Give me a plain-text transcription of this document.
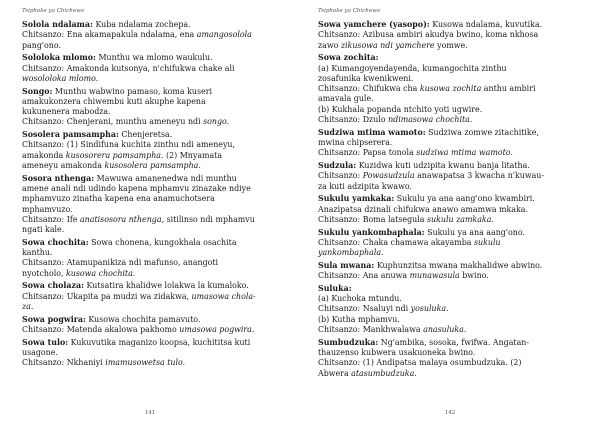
Tsiphoke ya Chichewa
Solola ndalama: Kuba ndalama zochepa.
Chitsanzo: Ena akamapakula ndalama, ena amangosolola
pang'ono.
Sololoka mlomo: Munthu wa mlomo waukulu.
Chitsanzo: Amakonda kutsonya, n'chifukwa chake ali
wosololoka mlomo.
Songo: Munthu wabwino pamaso, koma kuseri
amakukonzera chiwembu kuti akuphe kapena
kukunenera mabodza.
Chitsanzo: Chenjerani, munthu ameneyu ndi songo.
Sosolera pamsampha: Chenjeretsa.
Chitsanzo: (1) Sindifuna kuchita zinthu ndi ameneyu,
amakonda kusosorera pamsampha. (2) Mnyamata
ameneyu amakonda kusosolera pamsampha.
Sosora nthenga: Mawuwa amanenedwa ndi munthu
amene anali ndi udindo kapena mphamvu zinazake ndiye
mphamvuzo zinatha kapena ena anamuchotsera
mphamvuzo.
Chitsanzo: Ife anatisosora nthenga, sitilinso ndi mphamvu
ngati kale.
Sowa chochita: Sowa chonena, kungokhala osachita
kanthu.
Chitsanzo: Atamupanikiza ndi mafunso, anangoti
nyotcholo, kusowa chochita.
Sowa cholaza: Kutsatira khalidwe lolakwa la kumaloko.
Chitsanzo: Ukapita pa mudzi wa zidakwa, umasowa chola-
za.
Sowa pogwira: Kusowa chochita pamavuto.
Chitsanzo: Matenda akalowa pakhomo umasowa pogwira.
Sowa tulo: Kukuvutika maganizo koopsa, kuchititsa kuti
usagone.
Chitsanzo: Nkhaniyi imamusowetsa tulo.
141
Tsiphoke ya Chichewa
Sowa yamchere (yasopo): Kusowa ndalama, kuvutika.
Chitsanzo: Azibusa ambiri akudya bwino, koma nkhosa
zawo zikusowa ndi yamchere yomwe.
Sowa zochita:
(a) Kumangoyendayenda, kumangochita zinthu
zosafunika kwenikweni.
Chitsanzo: Chifukwa cha kusowa zochita anthu ambiri
amavala gule.
(b) Kukhala popanda ntchito yoti ugwire.
Chitsanzo: Dzulo ndimasowa chochita.
Sudziwa mtima wamoto: Sudziwa zomwe zitachitike,
mwina chipserera.
Chitsanzo: Papsa tonola sudziwa mtima wamoto.
Sudzula: Kuzidwa kuti udzipita kwanu banja litatha.
Chitsanzo: Powasudzula anawapatsa 3 kwacha n'kuwau-
za kuti adzipita kwawo.
Sukulu yamkaka: Sukulu ya ana aang'ono kwambiri.
Anazipatsa dzinali chifukwa anawo amamwa mkaka.
Chitsanzo: Boma latsegula sukulu zamkaka.
Sukulu yankombaphala: Sukulu ya ana aang'ono.
Chitsanzo: Chaka chamawa akayamba sukulu
yankombaphala.
Sula mwana: Kuphunzitsa mwana makhalidwe abwino.
Chitsanzo: Ana anuwa munawasula bwino.
Suluka:
(a) Kuchoka mtundu.
Chitsanzo: Nsaluyi ndi yosuluka.
(b) Kutha mphamvu.
Chitsanzo: Mankhwalawa anasuluka.
Sumbudzuka: Ng'ambika, sosoka, fwifwa. Angatan-
thauzenso kubwera usakuoneka bwino.
Chitsanzo: (1) Andipatsa malaya osumbudzuka. (2)
Abwera atasumbudzuka.
142
